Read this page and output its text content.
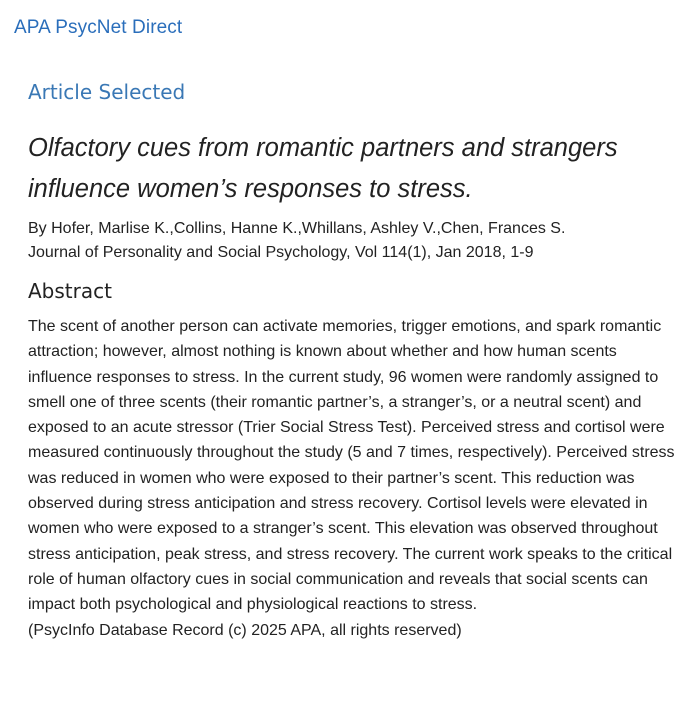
APA PsycNet Direct
Article Selected
Olfactory cues from romantic partners and strangers influence women’s responses to stress.

By Hofer, Marlise K.,Collins, Hanne K.,Whillans, Ashley V.,Chen, Frances S.

Journal of Personality and Social Psychology, Vol 114(1), Jan 2018, 1-9

Abstract

The scent of another person can activate memories, trigger emotions, and spark romantic attraction; however, almost nothing is known about whether and how human scents influence responses to stress. In the current study, 96 women were randomly assigned to smell one of three scents (their romantic partner’s, a stranger’s, or a neutral scent) and exposed to an acute stressor (Trier Social Stress Test). Perceived stress and cortisol were measured continuously throughout the study (5 and 7 times, respectively). Perceived stress was reduced in women who were exposed to their partner’s scent. This reduction was observed during stress anticipation and stress recovery. Cortisol levels were elevated in women who were exposed to a stranger’s scent. This elevation was observed throughout stress anticipation, peak stress, and stress recovery. The current work speaks to the critical role of human olfactory cues in social communication and reveals that social scents can impact both psychological and physiological reactions to stress.

(PsycInfo Database Record (c) 2025 APA, all rights reserved)
